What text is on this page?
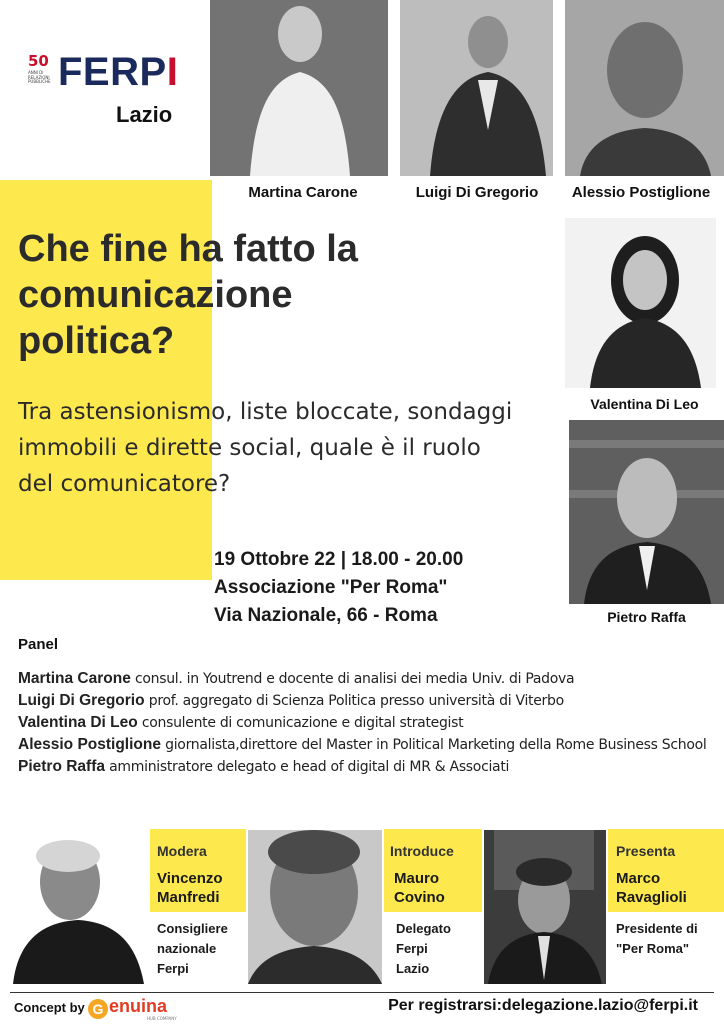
50
ANNI DI RELAZIONI PUBBLICHE FERPI
Lazio
Martina Carone	Luigi Di Gregorio	Alessio Postiglione
Valentina Di Leo
Pietro Raffa
Che fine ha fatto la comunicazione politica?
Tra astensionismo, liste bloccate, sondaggi immobili e dirette social, quale è il ruolo del comunicatore?
19 Ottobre 22 | 18.00 - 20.00
Associazione "Per Roma"
Via Nazionale, 66 - Roma
Panel
Martina Carone consul. in Youtrend e docente di analisi dei media Univ. di Padova
Luigi Di Gregorio prof. aggregato di Scienza Politica presso università di Viterbo
Valentina Di Leo consulente di comunicazione e digital strategist
Alessio Postiglione giornalista,direttore del Master in Political Marketing della Rome Business School
Pietro Raffa amministratore delegato e head of digital di MR & Associati
Modera
Vincenzo Manfredi
Consigliere nazionale Ferpi
Introduce
Mauro Covino
Delegato Ferpi Lazio
Presenta
Marco Ravaglioli
Presidente di "Per Roma"
Concept by G enuina
HUB COMPANY
Per registrarsi:delegazione.lazio@ferpi.it
